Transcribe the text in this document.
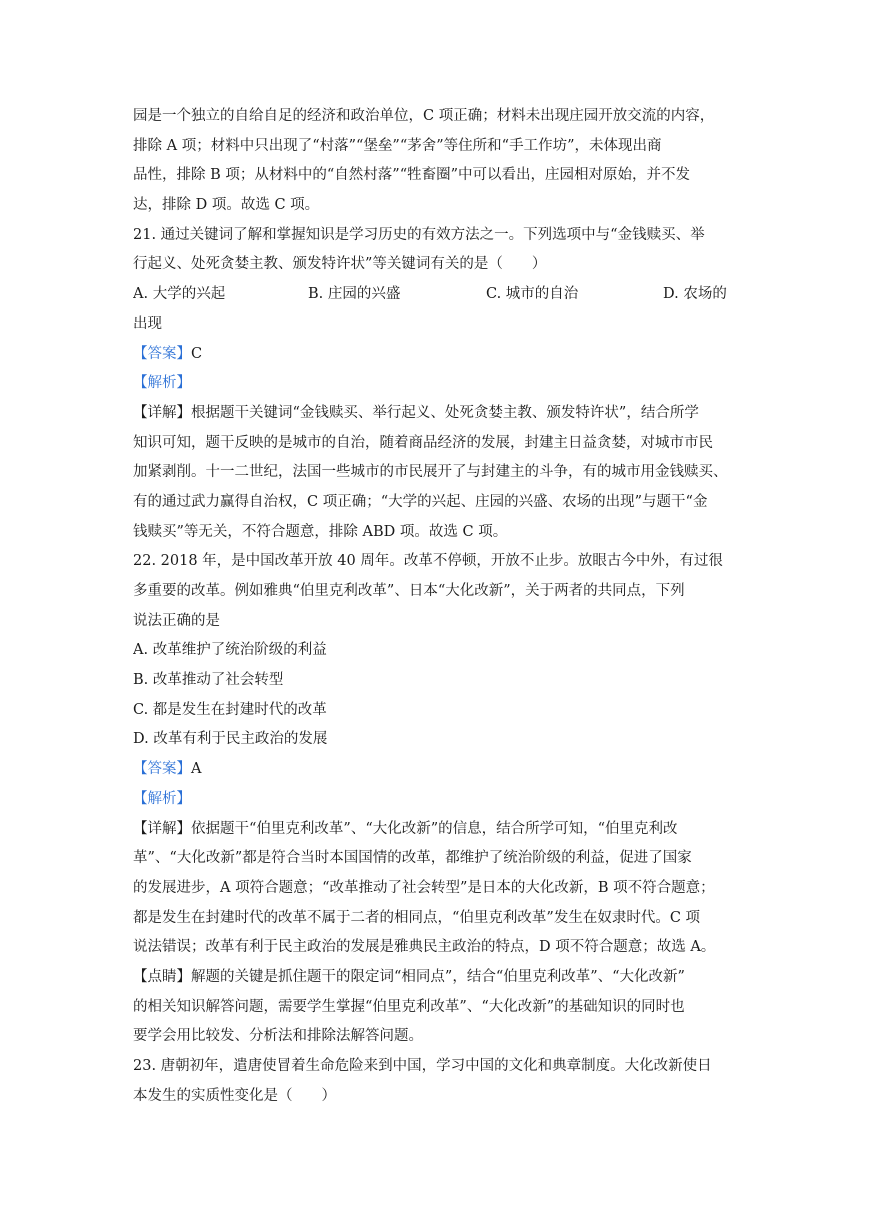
园是一个独立的自给自足的经济和政治单位，C 项正确；材料未出现庄园开放交流的内容，
排除 A 项；材料中只出现了“村落”“堡垒”“茅舍”等住所和“手工作坊”，未体现出商
品性，排除 B 项；从材料中的“自然村落”“牲畜圈”中可以看出，庄园相对原始，并不发
达，排除 D 项。故选 C 项。
21. 通过关键词了解和掌握知识是学习历史的有效方法之一。下列选项中与“金钱赎买、举
行起义、处死贪婪主教、颁发特许状”等关键词有关的是（　　）
A. 大学的兴起	B. 庄园的兴盛	C. 城市的自治	D. 农场的
出现
【答案】C
【解析】
【详解】根据题干关键词“金钱赎买、举行起义、处死贪婪主教、颁发特许状”，结合所学
知识可知，题干反映的是城市的自治，随着商品经济的发展，封建主日益贪婪，对城市市民
加紧剥削。十一二世纪，法国一些城市的市民展开了与封建主的斗争，有的城市用金钱赎买、
有的通过武力赢得自治权，C 项正确；“大学的兴起、庄园的兴盛、农场的出现”与题干“金
钱赎买”等无关，不符合题意，排除 ABD 项。故选 C 项。
22. 2018 年，是中国改革开放 40 周年。改革不停顿，开放不止步。放眼古今中外，有过很
多重要的改革。例如雅典“伯里克利改革”、日本“大化改新”，关于两者的共同点，下列
说法正确的是
A. 改革维护了统治阶级的利益
B. 改革推动了社会转型
C. 都是发生在封建时代的改革
D. 改革有利于民主政治的发展
【答案】A
【解析】
【详解】依据题干“伯里克利改革”、“大化改新”的信息，结合所学可知，“伯里克利改
革”、“大化改新”都是符合当时本国国情的改革，都维护了统治阶级的利益，促进了国家
的发展进步，A 项符合题意；“改革推动了社会转型”是日本的大化改新，B 项不符合题意；
都是发生在封建时代的改革不属于二者的相同点，“伯里克利改革”发生在奴隶时代。C 项
说法错误；改革有利于民主政治的发展是雅典民主政治的特点，D 项不符合题意；故选 A。
【点睛】解题的关键是抓住题干的限定词“相同点”，结合“伯里克利改革”、“大化改新”
的相关知识解答问题，需要学生掌握“伯里克利改革”、“大化改新”的基础知识的同时也
要学会用比较发、分析法和排除法解答问题。
23. 唐朝初年，遣唐使冒着生命危险来到中国，学习中国的文化和典章制度。大化改新使日
本发生的实质性变化是（　　）
